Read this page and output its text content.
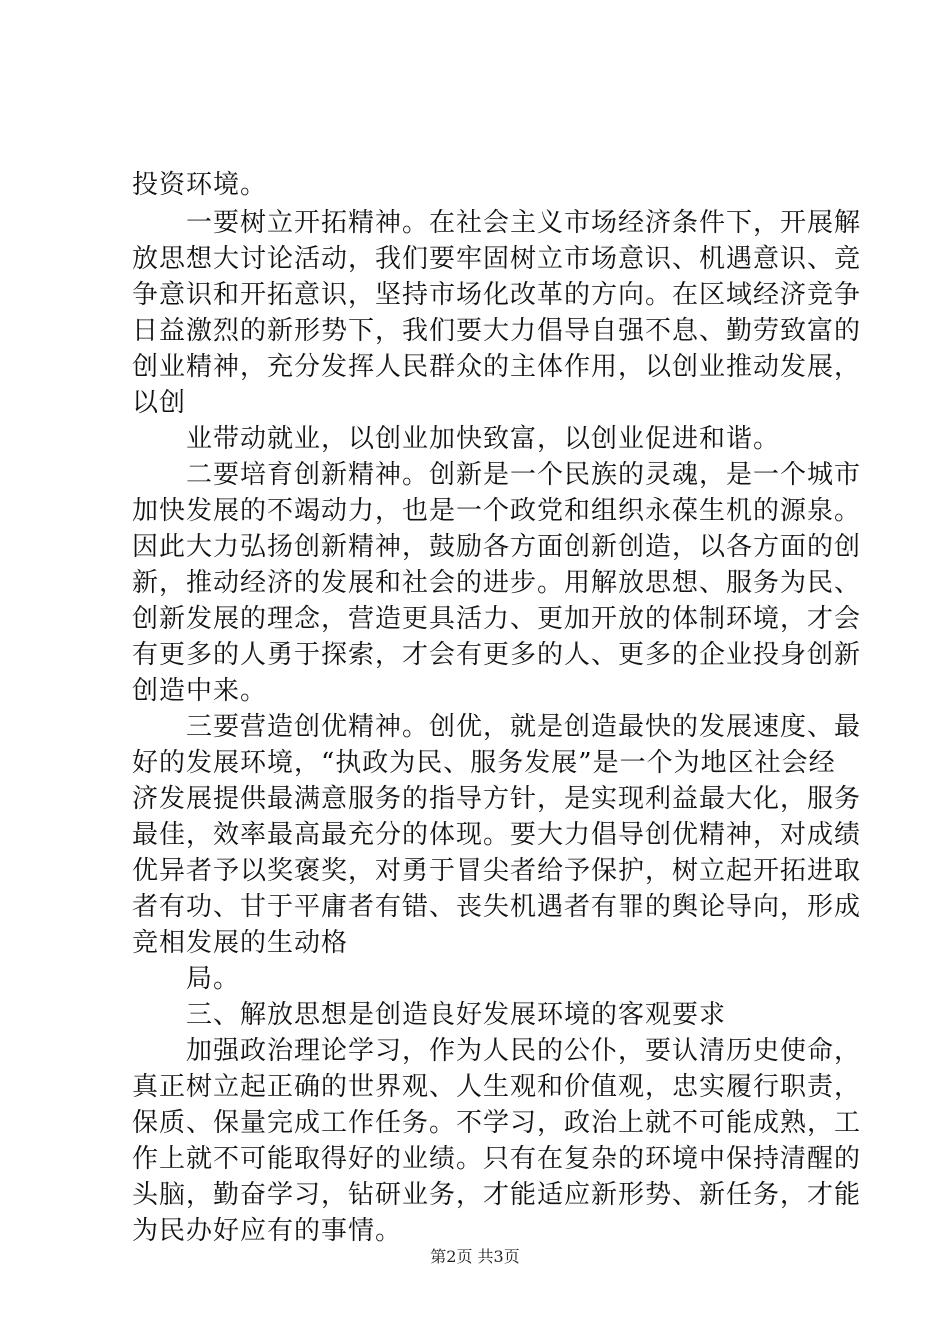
投资环境。
　　一要树立开拓精神。在社会主义市场经济条件下，开展解
放思想大讨论活动，我们要牢固树立市场意识、机遇意识、竞
争意识和开拓意识，坚持市场化改革的方向。在区域经济竞争
日益激烈的新形势下，我们要大力倡导自强不息、勤劳致富的
创业精神，充分发挥人民群众的主体作用，以创业推动发展，
以创
　　业带动就业，以创业加快致富，以创业促进和谐。
　　二要培育创新精神。创新是一个民族的灵魂，是一个城市
加快发展的不竭动力，也是一个政党和组织永葆生机的源泉。
因此大力弘扬创新精神，鼓励各方面创新创造，以各方面的创
新，推动经济的发展和社会的进步。用解放思想、服务为民、
创新发展的理念，营造更具活力、更加开放的体制环境，才会
有更多的人勇于探索，才会有更多的人、更多的企业投身创新
创造中来。
　　三要营造创优精神。创优，就是创造最快的发展速度、最
好的发展环境，“执政为民、服务发展”是一个为地区社会经
济发展提供最满意服务的指导方针，是实现利益最大化，服务
最佳，效率最高最充分的体现。要大力倡导创优精神，对成绩
优异者予以奖褒奖，对勇于冒尖者给予保护，树立起开拓进取
者有功、甘于平庸者有错、丧失机遇者有罪的舆论导向，形成
竞相发展的生动格
　　局。
　　三、解放思想是创造良好发展环境的客观要求
　　加强政治理论学习，作为人民的公仆，要认清历史使命，
真正树立起正确的世界观、人生观和价值观，忠实履行职责，
保质、保量完成工作任务。不学习，政治上就不可能成熟，工
作上就不可能取得好的业绩。只有在复杂的环境中保持清醒的
头脑，勤奋学习，钻研业务，才能适应新形势、新任务，才能
为民办好应有的事情。
第2页 共3页
